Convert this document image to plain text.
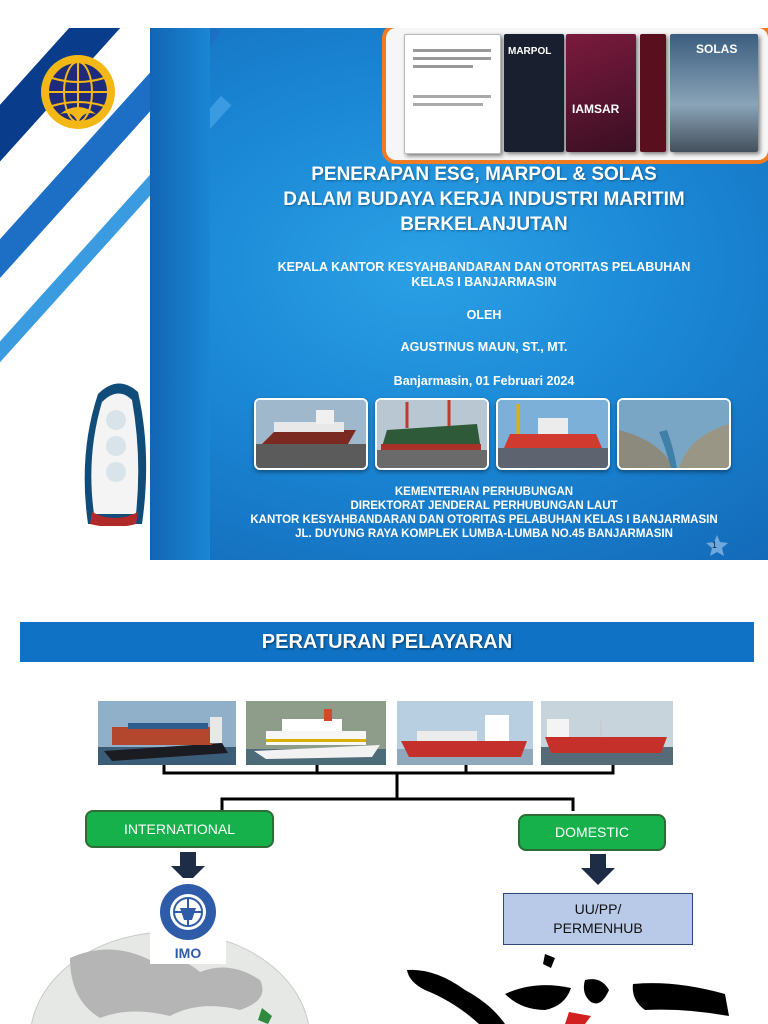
MARPOL
IAMSAR
SOLAS
PENERAPAN ESG, MARPOL & SOLAS
DALAM BUDAYA KERJA INDUSTRI MARITIM
BERKELANJUTAN
KEPALA KANTOR KESYAHBANDARAN DAN OTORITAS PELABUHAN
KELAS I BANJARMASIN
OLEH
AGUSTINUS MAUN, ST., MT.
Banjarmasin, 01 Februari 2024
KEMENTERIAN PERHUBUNGAN
DIREKTORAT JENDERAL PERHUBUNGAN LAUT
KANTOR KESYAHBANDARAN DAN OTORITAS PELABUHAN KELAS I BANJARMASIN
JL. DUYUNG RAYA KOMPLEK LUMBA-LUMBA NO.45 BANJARMASIN
1
PERATURAN PELAYARAN
INTERNATIONAL	DOMESTIC
UU/PP/
PERMENHUB
IMO
